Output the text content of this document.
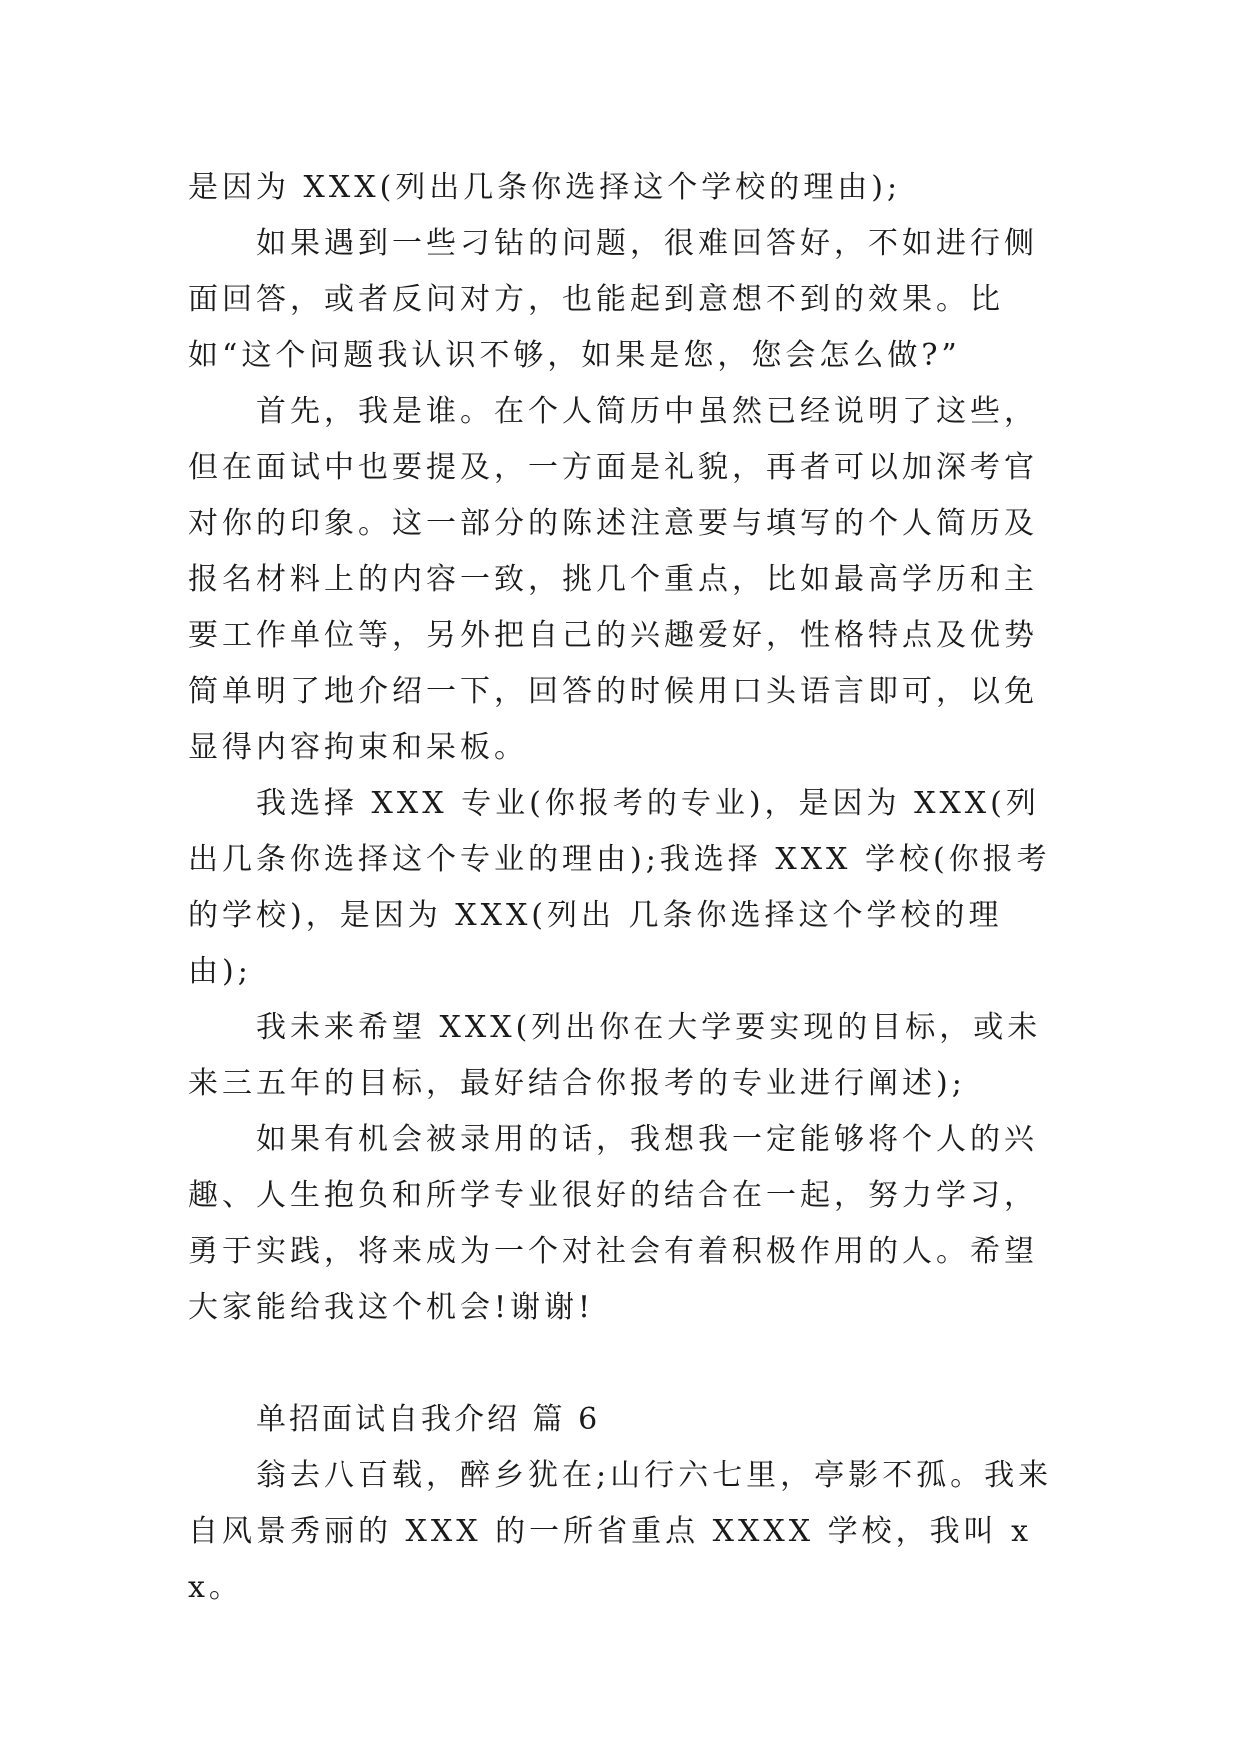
是因为 XXX(列出几条你选择这个学校的理由);

如果遇到一些刁钻的问题，很难回答好，不如进行侧面回答，或者反问对方，也能起到意想不到的效果。比如“这个问题我认识不够，如果是您，您会怎么做?”

首先，我是谁。在个人简历中虽然已经说明了这些，但在面试中也要提及，一方面是礼貌，再者可以加深考官对你的印象。这一部分的陈述注意要与填写的个人简历及报名材料上的内容一致，挑几个重点，比如最高学历和主要工作单位等，另外把自己的兴趣爱好，性格特点及优势简单明了地介绍一下，回答的时候用口头语言即可，以免显得内容拘束和呆板。

我选择 XXX 专业(你报考的专业)，是因为 XXX(列出几条你选择这个专业的理由);我选择 XXX 学校(你报考的学校)，是因为 XXX(列出 几条你选择这个学校的理由);

我未来希望 XXX(列出你在大学要实现的目标，或未来三五年的目标，最好结合你报考的专业进行阐述);

如果有机会被录用的话，我想我一定能够将个人的兴趣、人生抱负和所学专业很好的结合在一起，努力学习，勇于实践，将来成为一个对社会有着积极作用的人。希望大家能给我这个机会!谢谢!

单招面试自我介绍 篇 6

翁去八百载，醉乡犹在;山行六七里，亭影不孤。我来自风景秀丽的 XXX 的一所省重点 XXXX 学校，我叫 xx。
